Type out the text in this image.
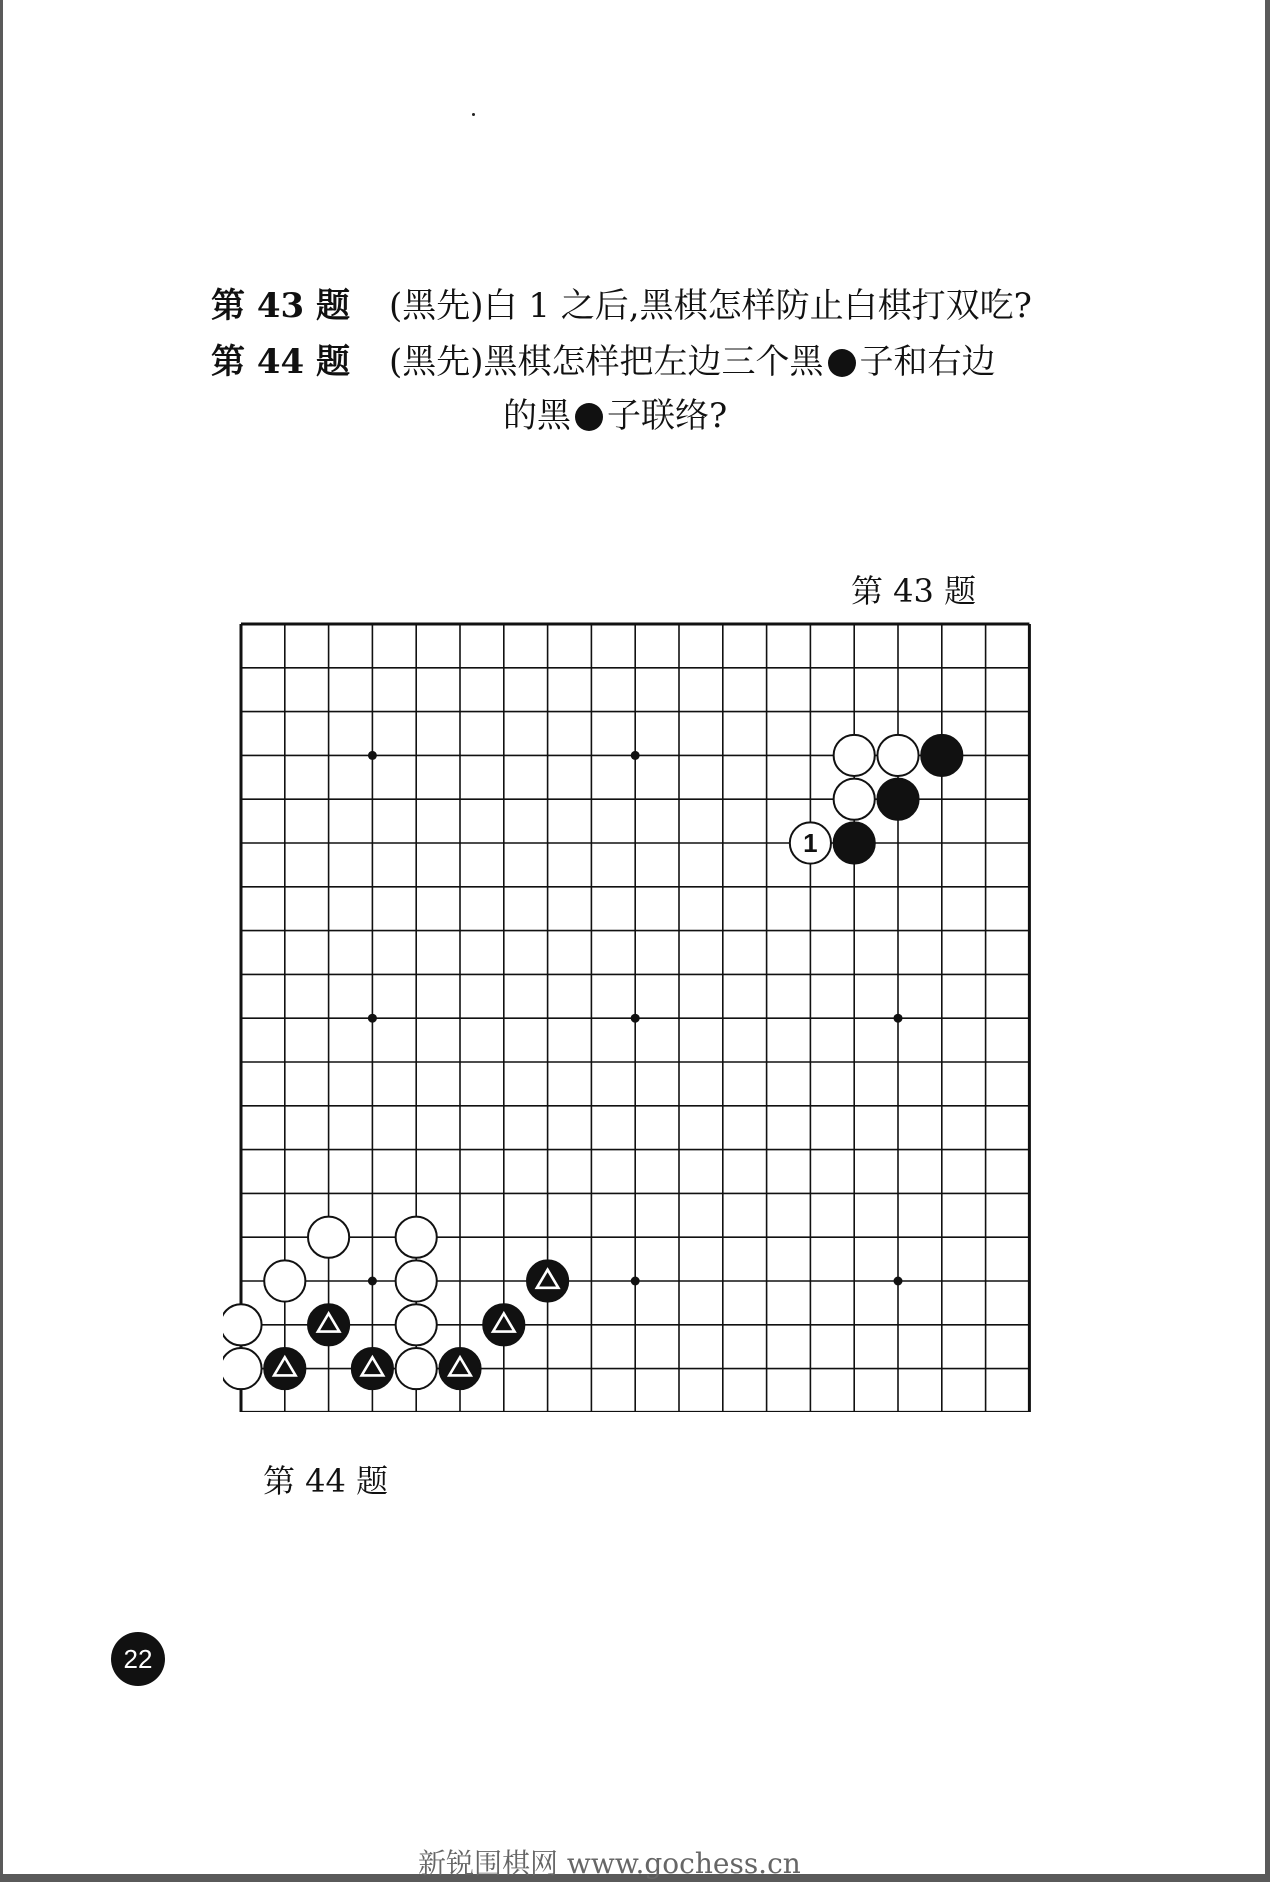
第 43 题 (黑先)白 1 之后,黑棋怎样防止白棋打双吃?
第 44 题 (黑先)黑棋怎样把左边三个黑 子和右边
的黑 子联络?
第 43 题
1
第 44 题
22
新锐围棋网 www.gochess.cn
